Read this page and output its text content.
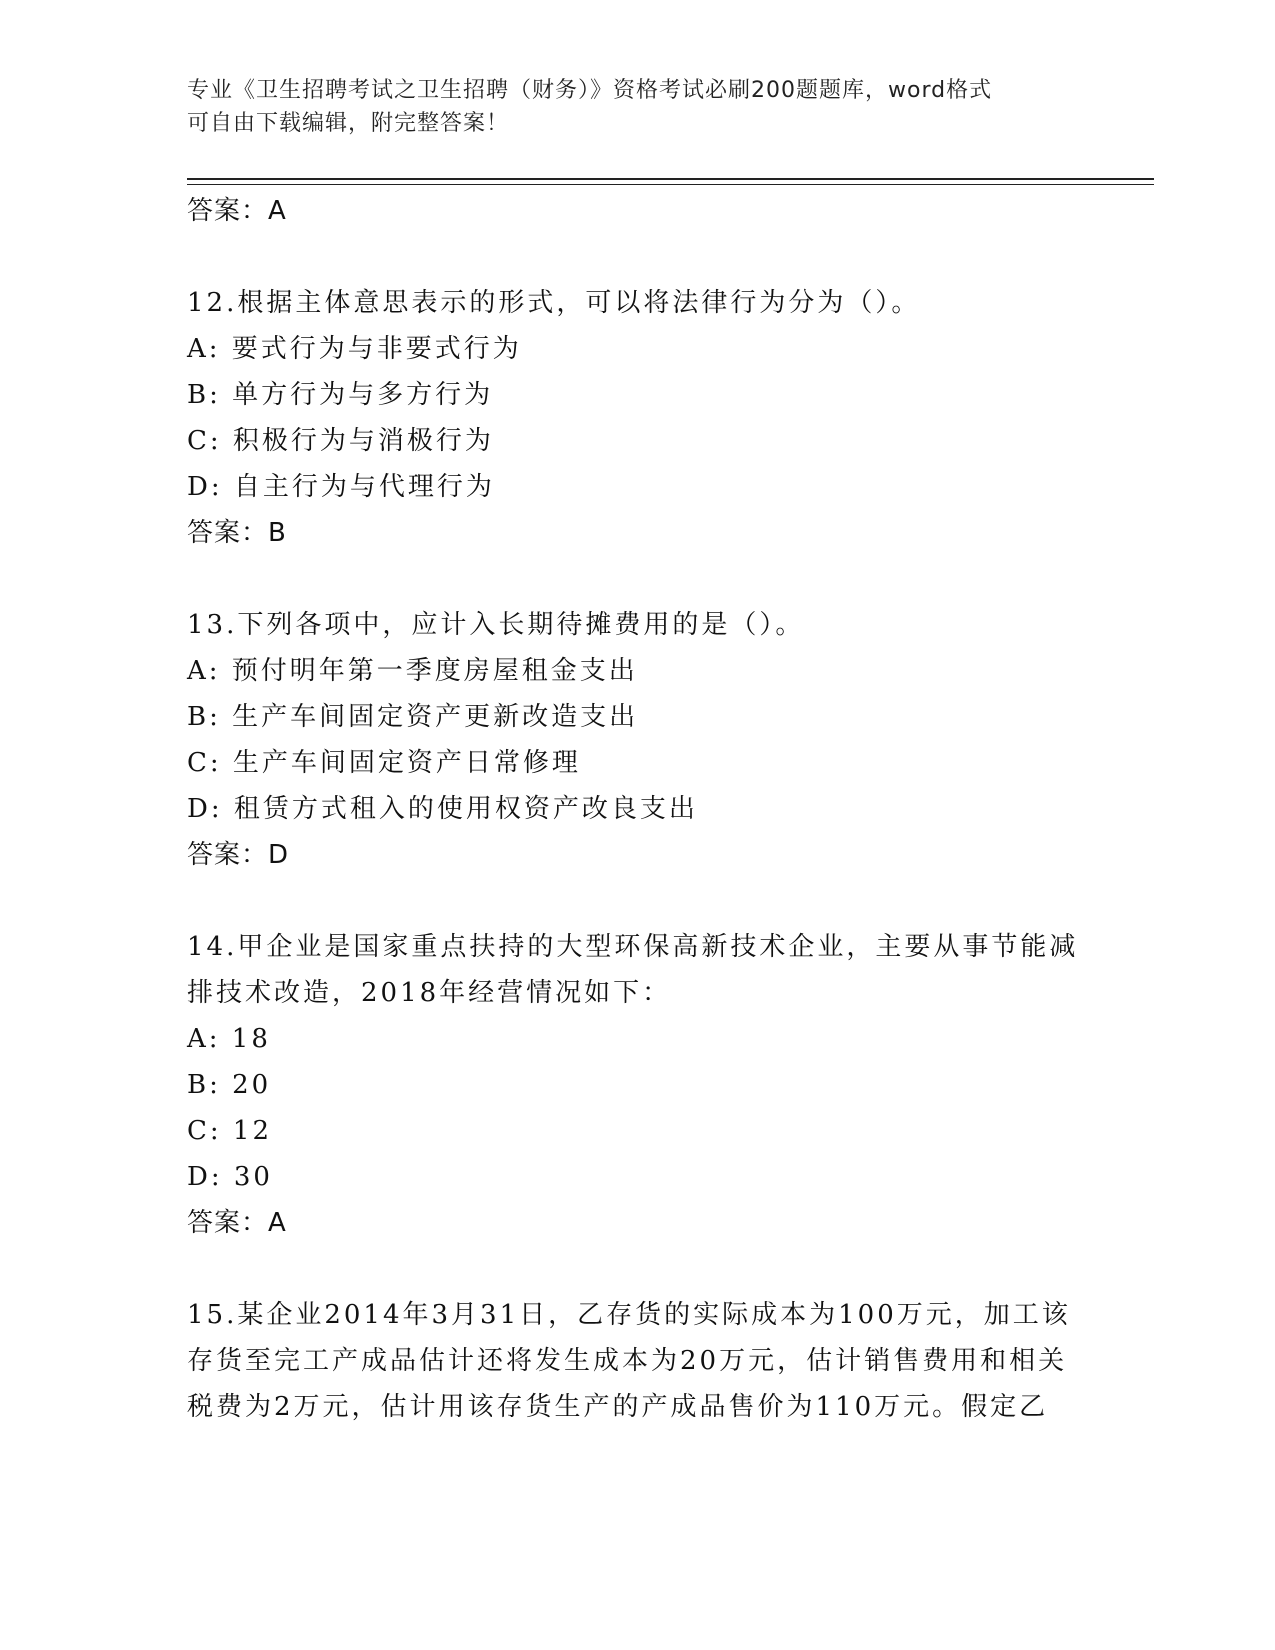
专业《卫生招聘考试之卫生招聘（财务）》资格考试必刷200题题库，word格式
可自由下载编辑，附完整答案！
答案：A
12.根据主体意思表示的形式，可以将法律行为分为（）。
A: 要式行为与非要式行为
B: 单方行为与多方行为
C: 积极行为与消极行为
D: 自主行为与代理行为
答案：B
13.下列各项中，应计入长期待摊费用的是（）。
A: 预付明年第一季度房屋租金支出
B: 生产车间固定资产更新改造支出
C: 生产车间固定资产日常修理
D: 租赁方式租入的使用权资产改良支出
答案：D
14.甲企业是国家重点扶持的大型环保高新技术企业，主要从事节能减
排技术改造，2018年经营情况如下：
A: 18
B: 20
C: 12
D: 30
答案：A
15.某企业2014年3月31日，乙存货的实际成本为100万元，加工该
存货至完工产成品估计还将发生成本为20万元，估计销售费用和相关
税费为2万元，估计用该存货生产的产成品售价为110万元。假定乙
